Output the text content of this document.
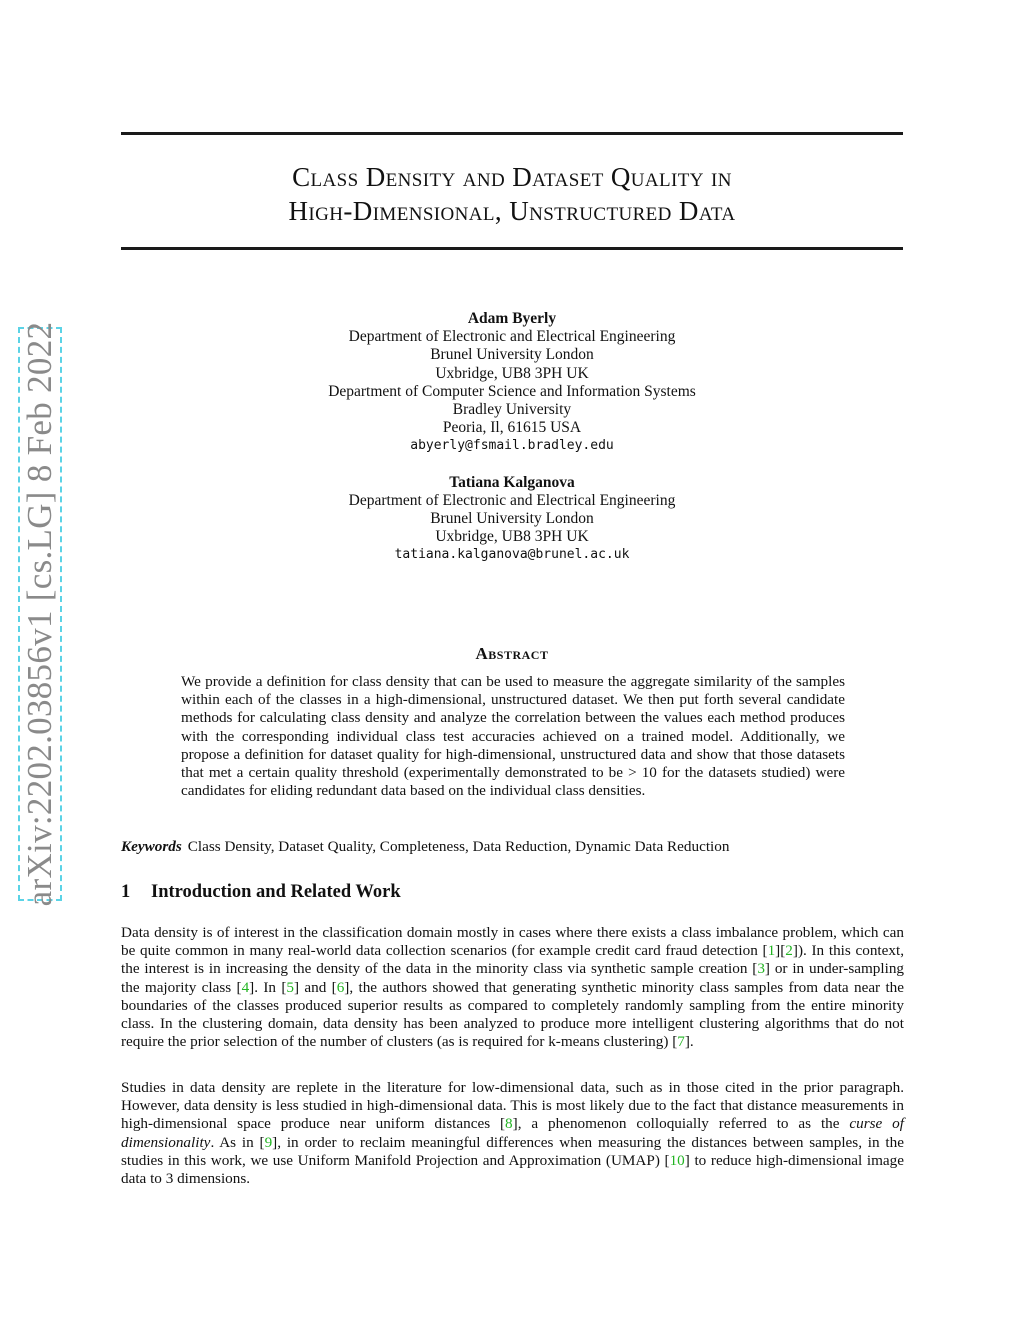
arXiv:2202.03856v1 [cs.LG] 8 Feb 2022
Class Density and Dataset Quality in
High-Dimensional, Unstructured Data
Adam Byerly
Department of Electronic and Electrical Engineering
Brunel University London
Uxbridge, UB8 3PH UK
Department of Computer Science and Information Systems
Bradley University
Peoria, Il, 61615 USA
abyerly@fsmail.bradley.edu
Tatiana Kalganova
Department of Electronic and Electrical Engineering
Brunel University London
Uxbridge, UB8 3PH UK
tatiana.kalganova@brunel.ac.uk
Abstract
We provide a definition for class density that can be used to measure the aggregate similarity of the samples within each of the classes in a high-dimensional, unstructured dataset. We then put forth several candidate methods for calculating class density and analyze the correlation between the values each method produces with the corresponding individual class test accuracies achieved on a trained model. Additionally, we propose a definition for dataset quality for high-dimensional, unstructured data and show that those datasets that met a certain quality threshold (experimentally demonstrated to be > 10 for the datasets studied) were candidates for eliding redundant data based on the individual class densities.
Keywords Class Density, Dataset Quality, Completeness, Data Reduction, Dynamic Data Reduction
1 Introduction and Related Work
Data density is of interest in the classification domain mostly in cases where there exists a class imbalance problem, which can be quite common in many real-world data collection scenarios (for example credit card fraud detection [1][2]). In this context, the interest is in increasing the density of the data in the minority class via synthetic sample creation [3] or in under-sampling the majority class [4]. In [5] and [6], the authors showed that generating synthetic minority class samples from data near the boundaries of the classes produced superior results as compared to completely randomly sampling from the entire minority class. In the clustering domain, data density has been analyzed to produce more intelligent clustering algorithms that do not require the prior selection of the number of clusters (as is required for k-means clustering) [7].
Studies in data density are replete in the literature for low-dimensional data, such as in those cited in the prior paragraph. However, data density is less studied in high-dimensional data. This is most likely due to the fact that distance measurements in high-dimensional space produce near uniform distances [8], a phenomenon colloquially referred to as the curse of dimensionality. As in [9], in order to reclaim meaningful differences when measuring the distances between samples, in the studies in this work, we use Uniform Manifold Projection and Approximation (UMAP) [10] to reduce high-dimensional image data to 3 dimensions.
